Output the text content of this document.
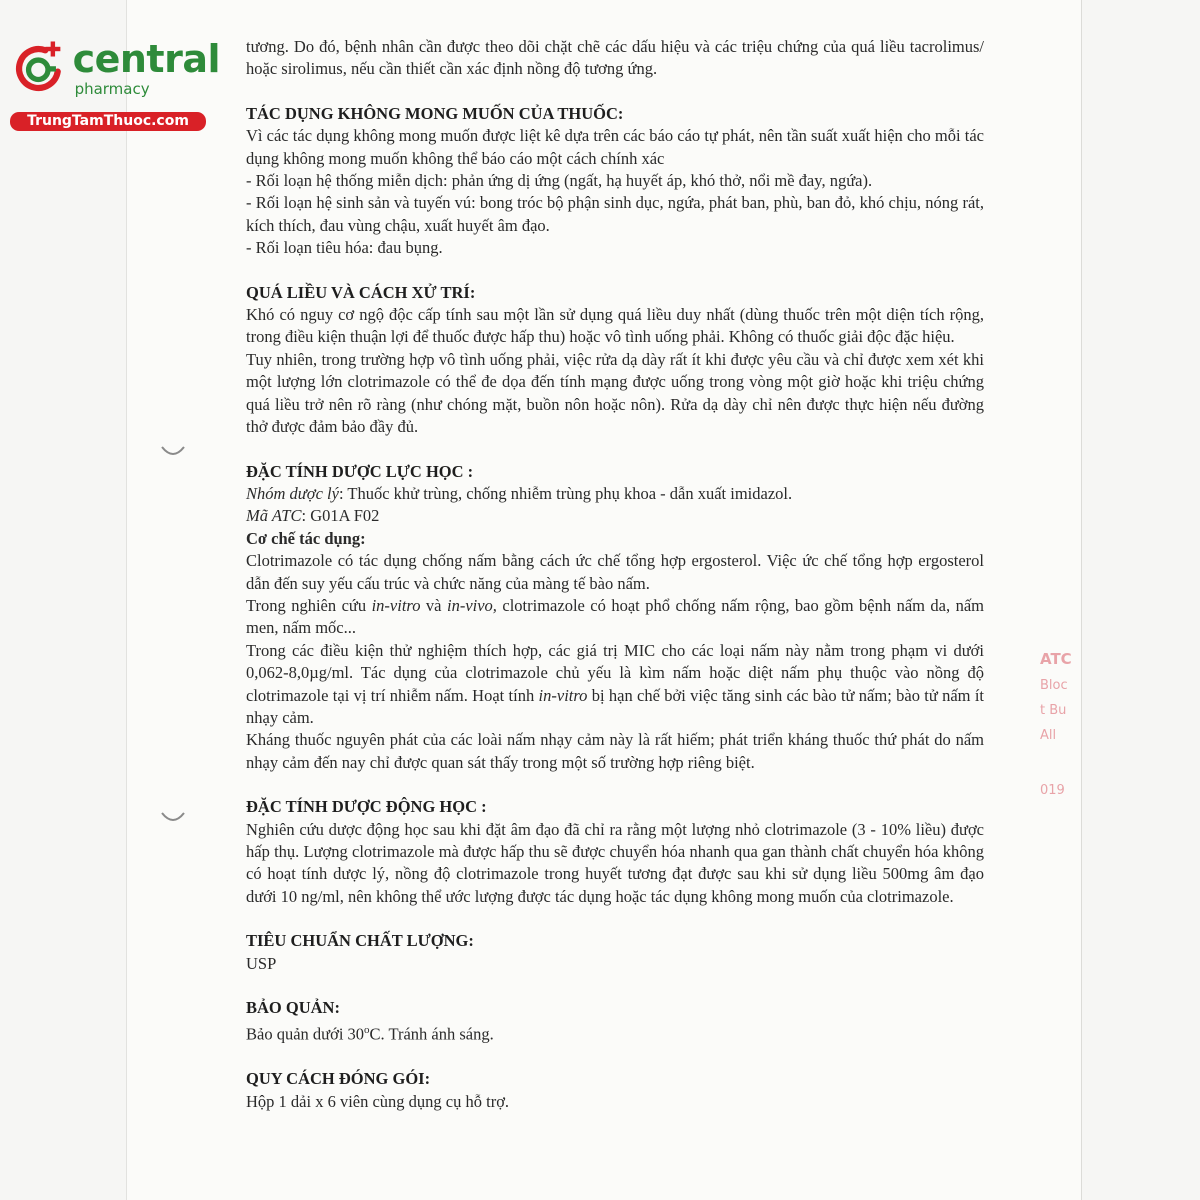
central
pharmacy
TrungTamThuoc.com
ATC
Bloc
t Bu
All
019

tương. Do đó, bệnh nhân cần được theo dõi chặt chẽ các dấu hiệu và các triệu chứng của quá liều tacrolimus/ hoặc sirolimus, nếu cần thiết cần xác định nồng độ tương ứng.

TÁC DỤNG KHÔNG MONG MUỐN CỦA THUỐC:

Vì các tác dụng không mong muốn được liệt kê dựa trên các báo cáo tự phát, nên tần suất xuất hiện cho mỗi tác dụng không mong muốn không thể báo cáo một cách chính xác

- Rối loạn hệ thống miễn dịch: phản ứng dị ứng (ngất, hạ huyết áp, khó thở, nổi mề đay, ngứa).

- Rối loạn hệ sinh sản và tuyến vú: bong tróc bộ phận sinh dục, ngứa, phát ban, phù, ban đỏ, khó chịu, nóng rát, kích thích, đau vùng chậu, xuất huyết âm đạo.

- Rối loạn tiêu hóa: đau bụng.

QUÁ LIỀU VÀ CÁCH XỬ TRÍ:

Khó có nguy cơ ngộ độc cấp tính sau một lần sử dụng quá liều duy nhất (dùng thuốc trên một diện tích rộng, trong điều kiện thuận lợi để thuốc được hấp thu) hoặc vô tình uống phải. Không có thuốc giải độc đặc hiệu.

Tuy nhiên, trong trường hợp vô tình uống phải, việc rửa dạ dày rất ít khi được yêu cầu và chỉ được xem xét khi một lượng lớn clotrimazole có thể đe dọa đến tính mạng được uống trong vòng một giờ hoặc khi triệu chứng quá liều trở nên rõ ràng (như chóng mặt, buồn nôn hoặc nôn). Rửa dạ dày chỉ nên được thực hiện nếu đường thở được đảm bảo đầy đủ.

ĐẶC TÍNH DƯỢC LỰC HỌC :

Nhóm dược lý: Thuốc khử trùng, chống nhiễm trùng phụ khoa - dẫn xuất imidazol.

Mã ATC: G01A F02

Cơ chế tác dụng:

Clotrimazole có tác dụng chống nấm bằng cách ức chế tổng hợp ergosterol. Việc ức chế tổng hợp ergosterol dẫn đến suy yếu cấu trúc và chức năng của màng tế bào nấm.

Trong nghiên cứu in-vitro và in-vivo, clotrimazole có hoạt phổ chống nấm rộng, bao gồm bệnh nấm da, nấm men, nấm mốc...

Trong các điều kiện thử nghiệm thích hợp, các giá trị MIC cho các loại nấm này nằm trong phạm vi dưới 0,062-8,0µg/ml. Tác dụng của clotrimazole chủ yếu là kìm nấm hoặc diệt nấm phụ thuộc vào nồng độ clotrimazole tại vị trí nhiễm nấm. Hoạt tính in-vitro bị hạn chế bởi việc tăng sinh các bào tử nấm; bào tử nấm ít nhạy cảm.

Kháng thuốc nguyên phát của các loài nấm nhạy cảm này là rất hiếm; phát triển kháng thuốc thứ phát do nấm nhạy cảm đến nay chỉ được quan sát thấy trong một số trường hợp riêng biệt.

ĐẶC TÍNH DƯỢC ĐỘNG HỌC :

Nghiên cứu dược động học sau khi đặt âm đạo đã chỉ ra rằng một lượng nhỏ clotrimazole (3 - 10% liều) được hấp thụ. Lượng clotrimazole mà được hấp thu sẽ được chuyển hóa nhanh qua gan thành chất chuyển hóa không có hoạt tính dược lý, nồng độ clotrimazole trong huyết tương đạt được sau khi sử dụng liều 500mg âm đạo dưới 10 ng/ml, nên không thể ước lượng được tác dụng hoặc tác dụng không mong muốn của clotrimazole.

TIÊU CHUẨN CHẤT LƯỢNG:

USP

BẢO QUẢN:

Bảo quản dưới 30$^o$C. Tránh ánh sáng.

QUY CÁCH ĐÓNG GÓI:

Hộp 1 dải x 6 viên cùng dụng cụ hỗ trợ.
